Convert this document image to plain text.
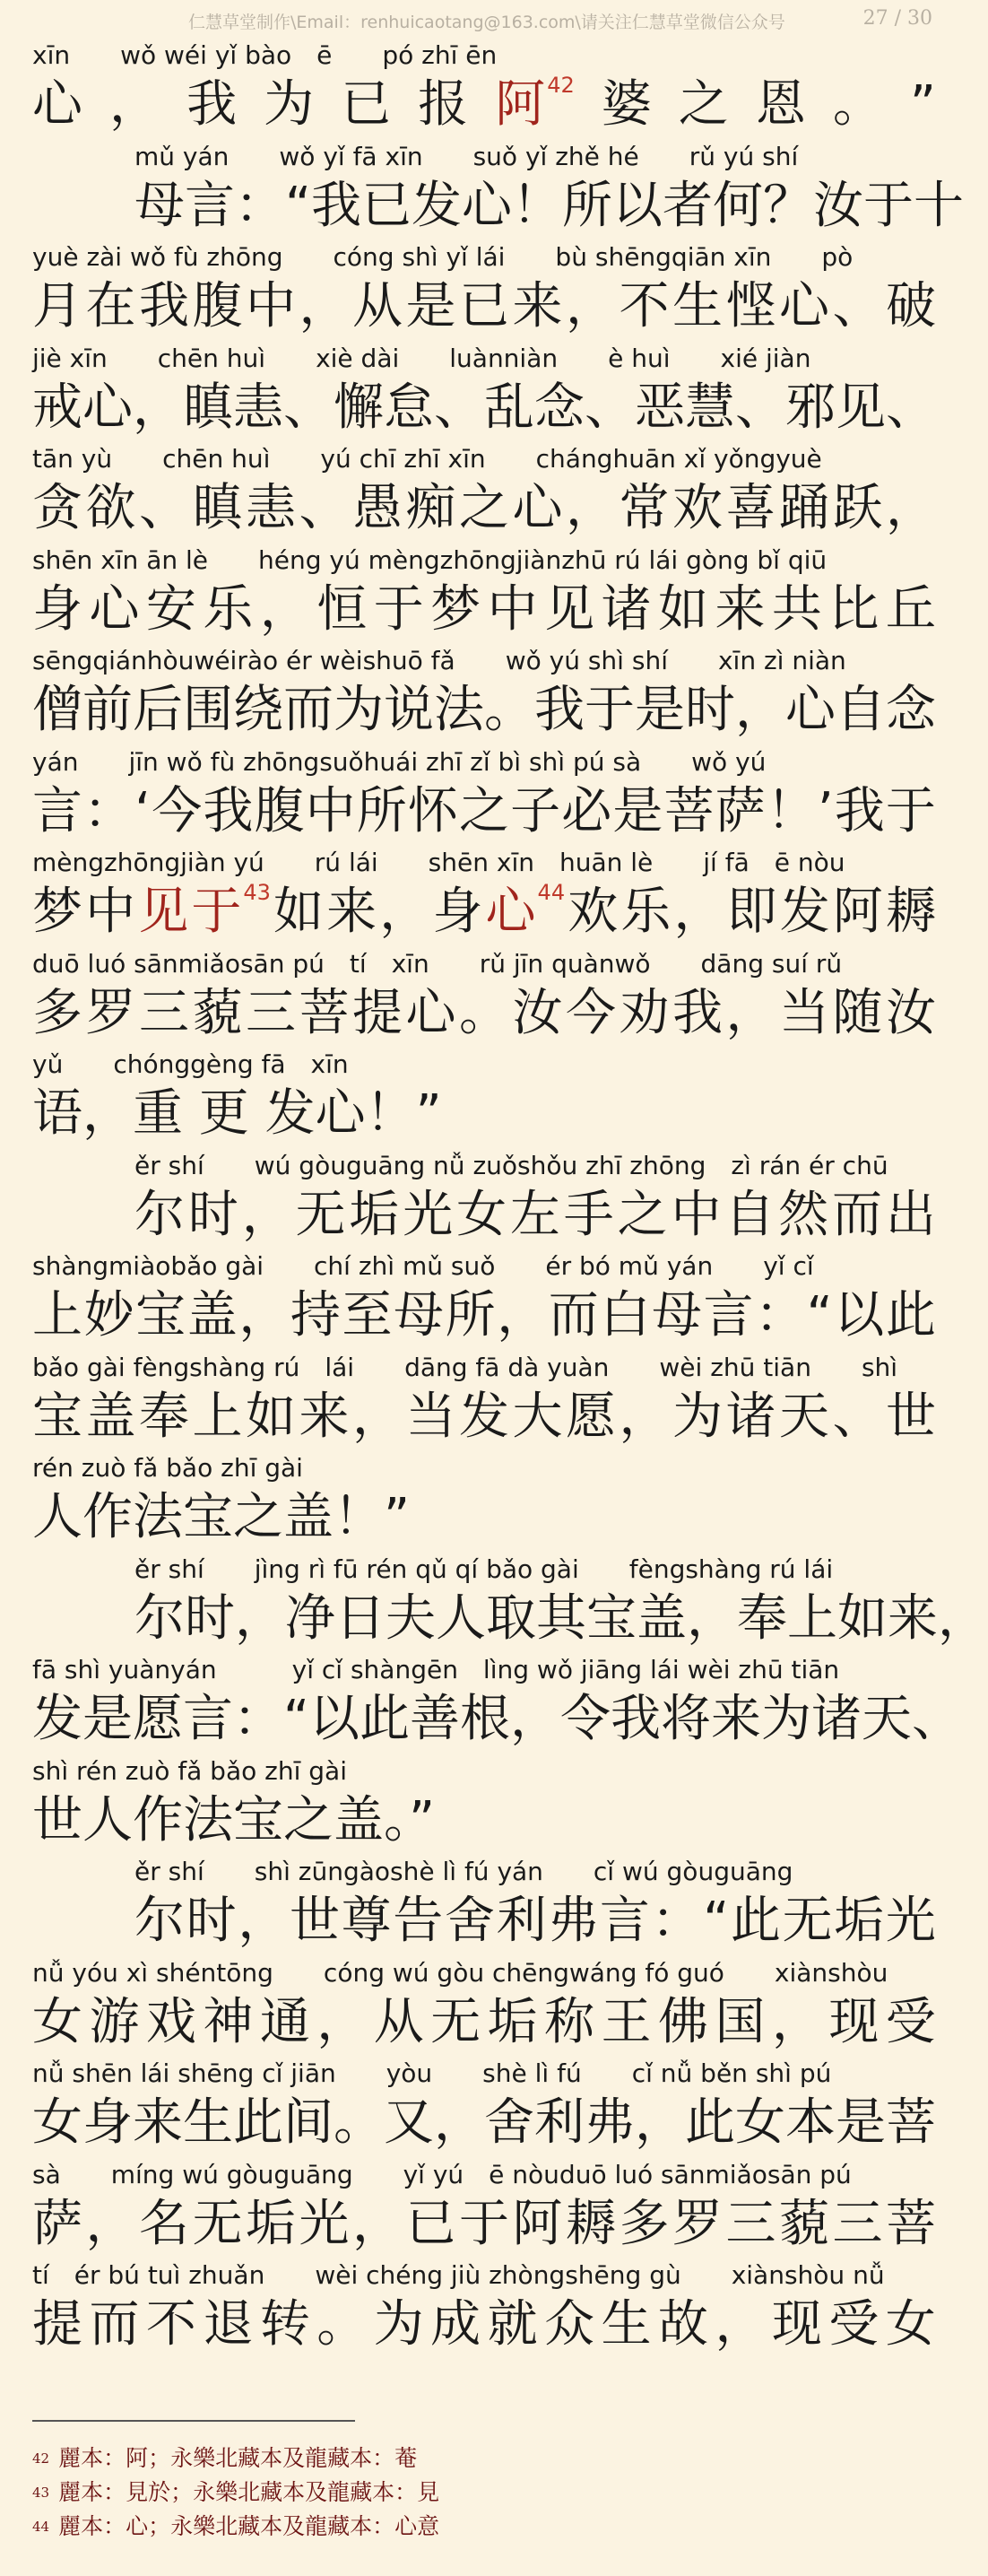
仁慧草堂制作\Email：renhuicaotang@163.com\请关注仁慧草堂微信公众号	27 / 30
xīn　　wǒ wéi yǐ bào　ē　　pó zhī ēn
心 ， 我 为 已 报 阿$^{42}$ 婆 之 恩 。 ”
mǔ yán　　wǒ yǐ fā xīn　　suǒ yǐ zhě hé　　rǔ yú shí
母 言 ： “ 我 已 发 心 ！ 所 以 者 何 ？ 汝 于 十
yuè zài wǒ fù zhōng　　cóng shì yǐ lái　　bù shēngqiān xīn　　pò
月 在 我 腹 中 ， 从 是 已 来 ， 不 生 悭 心 、 破
jiè xīn　　chēn huì　　xiè dài　　luànniàn　　è huì　　xié jiàn
戒 心 ， 瞋 恚 、 懈 怠 、 乱 念 、 恶 慧 、 邪 见 、
tān yù　　chēn huì　　yú chī zhī xīn　　chánghuān xǐ yǒngyuè
贪 欲 、 瞋 恚 、 愚 痴 之 心 ， 常 欢 喜 踊 跃 ，
shēn xīn ān lè　　héng yú mèngzhōngjiànzhū rú lái gòng bǐ qiū
身 心 安 乐 ， 恒 于 梦 中 见 诸 如 来 共 比 丘
sēngqiánhòuwéirào ér wèishuō fǎ　　wǒ yú shì shí　　xīn zì niàn
僧 前 后 围 绕 而 为 说 法 。 我 于 是 时 ， 心 自 念
yán　　jīn wǒ fù zhōngsuǒhuái zhī zǐ bì shì pú sà　　wǒ yú
言 ： ‘ 今 我 腹 中 所 怀 之 子 必 是 菩 萨 ！ ’ 我 于
mèngzhōngjiàn yú　　rú lái　　shēn xīn　huān lè　　jí fā　ē nòu
梦 中 见 于$^{43}$ 如 来 ， 身 心$^{44}$ 欢 乐 ， 即 发 阿 耨
duō luó sānmiǎosān pú　tí　xīn　　rǔ jīn quànwǒ　　dāng suí rǔ
多 罗 三 藐 三 菩 提 心 。 汝 今 劝 我 ， 当 随 汝
yǔ　　chónggèng fā　xīn
语，重 更 发心！”
ěr shí　　wú gòuguāng nǚ zuǒshǒu zhī zhōng　zì rán ér chū
尔 时 ， 无 垢 光 女 左 手 之 中 自 然 而 出
shàngmiàobǎo gài　　chí zhì mǔ suǒ　　ér bó mǔ yán　　yǐ cǐ
上 妙 宝 盖 ， 持 至 母 所 ， 而 白 母 言 ： “ 以 此
bǎo gài fèngshàng rú　lái　　dāng fā dà yuàn　　wèi zhū tiān　　shì
宝 盖 奉 上 如 来 ， 当 发 大 愿 ， 为 诸 天 、 世
rén zuò fǎ bǎo zhī gài
人作法宝之盖！”
ěr shí　　jìng rì fū rén qǔ qí bǎo gài　　fèngshàng rú lái
尔 时 ， 净 日 夫 人 取 其 宝 盖 ， 奉 上 如 来 ，
fā shì yuànyán　　　yǐ cǐ shàngēn　lìng wǒ jiāng lái wèi zhū tiān
发 是 愿 言 ： “ 以 此 善 根 ， 令 我 将 来 为 诸 天 、
shì rén zuò fǎ bǎo zhī gài
世人作法宝之盖。”
ěr shí　　shì zūngàoshè lì fú yán　　cǐ wú gòuguāng
尔 时 ， 世 尊 告 舍 利 弗 言 ： “ 此 无 垢 光
nǚ yóu xì shéntōng　　cóng wú gòu chēngwáng fó guó　　xiànshòu
女 游 戏 神 通 ， 从 无 垢 称 王 佛 国 ， 现 受
nǚ shēn lái shēng cǐ jiān　　yòu　　shè lì fú　　cǐ nǚ běn shì pú
女 身 来 生 此 间 。 又 ， 舍 利 弗 ， 此 女 本 是 菩
sà　　míng wú gòuguāng　　yǐ yú　ē nòuduō luó sānmiǎosān pú
萨 ， 名 无 垢 光 ， 已 于 阿 耨 多 罗 三 藐 三 菩
tí　ér bú tuì zhuǎn　　wèi chéng jiù zhòngshēng gù　　xiànshòu nǚ
提 而 不 退 转 。 为 成 就 众 生 故 ， 现 受 女
$^{42}$ 麗本：阿；永樂北藏本及龍藏本：菴
$^{43}$ 麗本：見於；永樂北藏本及龍藏本：見
$^{44}$ 麗本：心；永樂北藏本及龍藏本：心意
